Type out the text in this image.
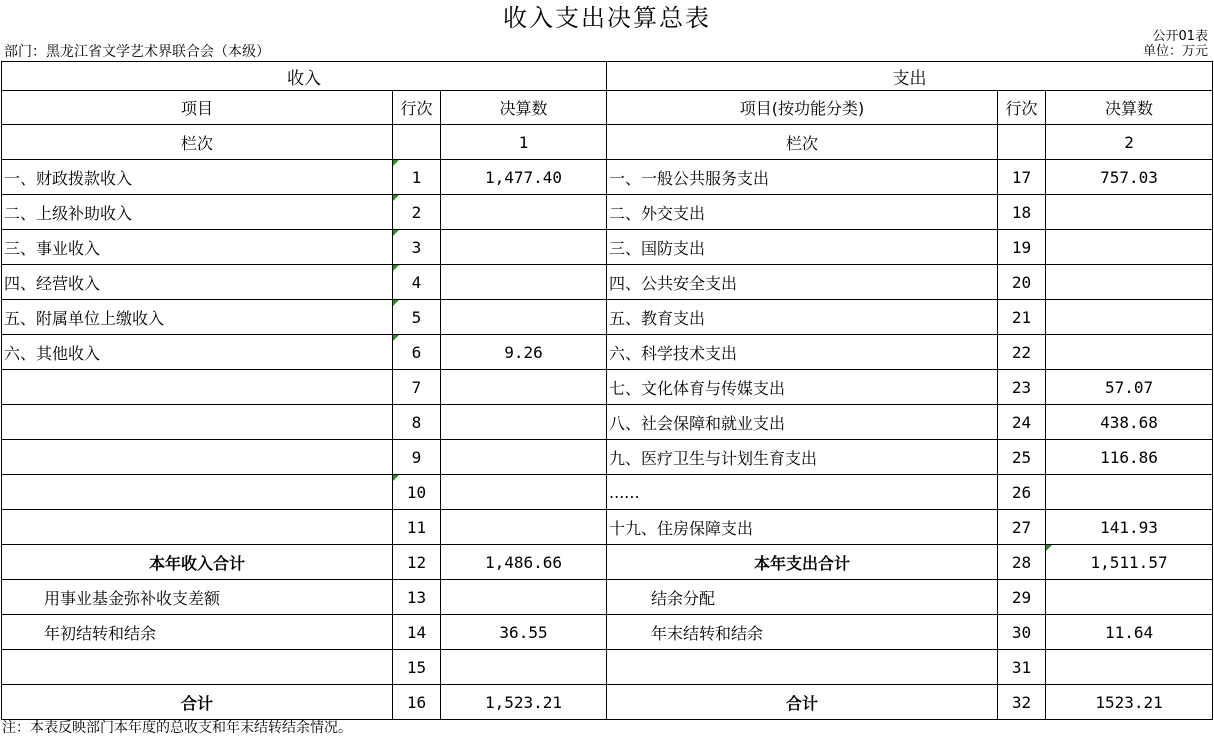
收入支出决算总表
部门：黑龙江省文学艺术界联合会（本级）
公开01表
单位：万元
收入			支出		
项目	行次	决算数	项目(按功能分类)	行次	决算数
栏次		1	栏次		2
一、财政拨款收入	1	1,477.40	一、一般公共服务支出	17	757.03
二、上级补助收入	2		二、外交支出	18	
三、事业收入	3		三、国防支出	19	
四、经营收入	4		四、公共安全支出	20	
五、附属单位上缴收入	5		五、教育支出	21	
六、其他收入	6	9.26	六、科学技术支出	22	
	7		七、文化体育与传媒支出	23	57.07
	8		八、社会保障和就业支出	24	438.68
	9		九、医疗卫生与计划生育支出	25	116.86
	10		......	26	
	11		十九、住房保障支出	27	141.93
本年收入合计	12	1,486.66	本年支出合计	28	1,511.57
用事业基金弥补收支差额	13		结余分配	29	
年初结转和结余	14	36.55	年末结转和结余	30	11.64
	15			31	
合计	16	1,523.21	合计	32	1523.21
注：本表反映部门本年度的总收支和年末结转结余情况。
